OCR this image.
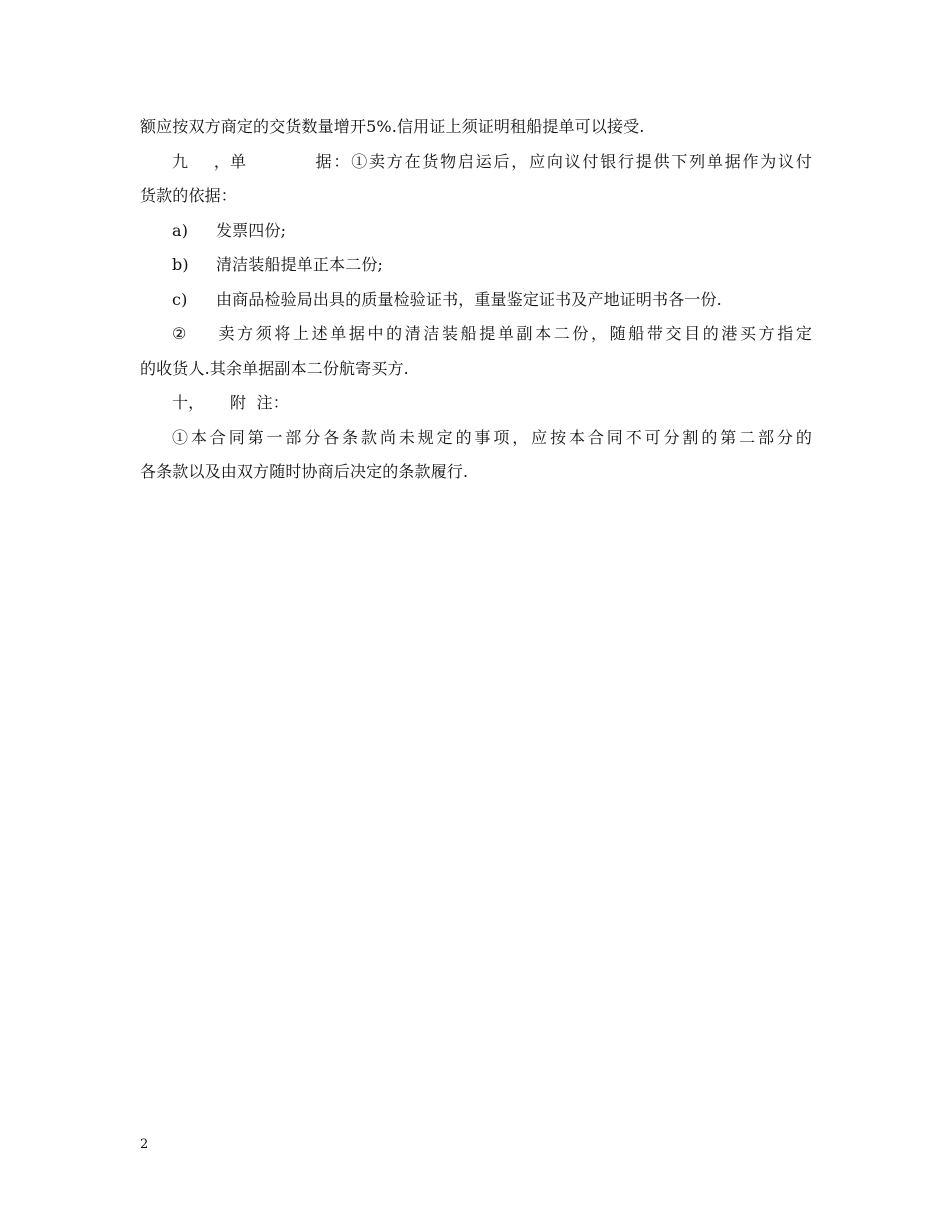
额应按双方商定的交货数量增开5%.信用证上须证明租船提单可以接受.
九，单	据：①卖方在货物启运后，应向议付银行提供下列单据作为议付
货款的依据：
a) 发票四份;
b) 清洁装船提单正本二份;
c) 由商品检验局出具的质量检验证书，重量鉴定证书及产地证明书各一份.
② 卖方须将上述单据中的清洁装船提单副本二份，随船带交目的港买方指定
的收货人.其余单据副本二份航寄买方.
十， 附  注：
①本合同第一部分各条款尚未规定的事项，应按本合同不可分割的第二部分的
各条款以及由双方随时协商后决定的条款履行.
2
